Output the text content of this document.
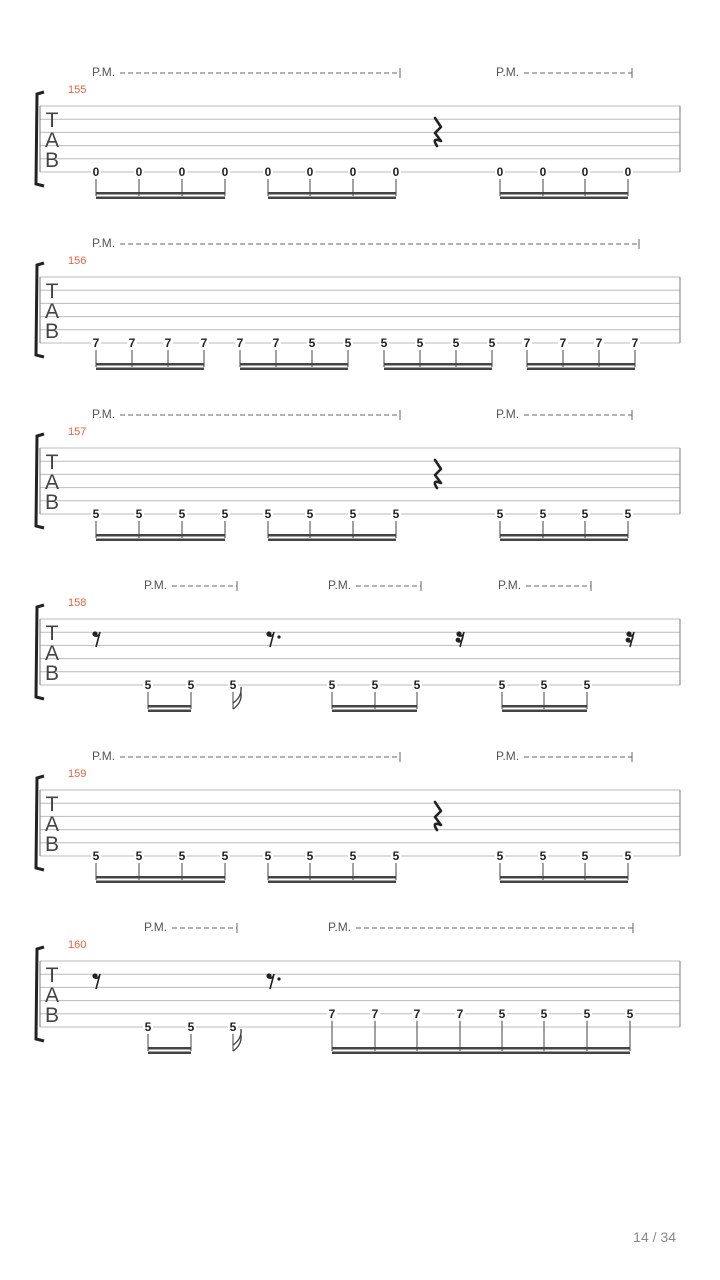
T
A
B
155
P.M.	P.M.
0	0	0	0	0	0	0	0	0	0	0	0
T
A
B
156
P.M.
7 7 7 7 7 7 5 5 5 5 5 5 7 7 7 7
T
A
B
157
P.M.	P.M.
5	5	5	5	5	5	5	5	5	5	5	5
T
A
B
158
P.M.	P.M.	P.M.
5	5	5	5	5	5	5	5	5
T
A
B
159
P.M.	P.M.
5	5	5	5	5	5	5	5	5	5	5	5
T
A
B
160
P.M.	P.M.
5	5	5
7	7	7	7	5	5	5	5
14 / 34
